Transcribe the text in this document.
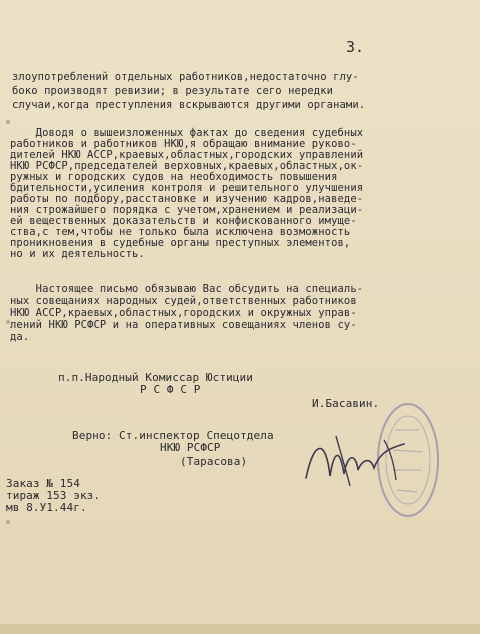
3.
злоупотреблений отдельных работников,недостаточно глу-
боко производят ревизии; в результате сего нередки
случаи,когда преступления вскрываются другими органами.
Доводя о вышеизложенных фактах до сведения судебных
работников и работников НКЮ,я обращаю внимание руково-
дителей НКЮ АССР,краевых,областных,городских управлений
НКЮ РСФСР,председателей верховных,краевых,областных,ок-
ружных и городских судов на необходимость повышения
бдительности,усиления контроля и решительного улучшения
работы по подбору,расстановке и изучению кадров,наведе-
ния строжайшего порядка с учетом,хранением и реализаци-
ей вещественных доказательств и конфискованного имуще-
ства,с тем,чтобы не только была исключена возможность
проникновения в судебные органы преступных элементов,
но и их деятельность.
Настоящее письмо обязываю Вас обсудить на специаль-
ных совещаниях народных судей,ответственных работников
НКЮ АССР,краевых,областных,городских и окружных управ-
лений НКЮ РСФСР и на оперативных совещаниях членов су-
да.
п.п.Народный Комиссар Юстиции
Р С Ф С Р
И.Басавин.
Верно: Ст.инспектор Спецотдела
НКЮ РСФСР
(Тарасова)
Заказ № 154
тираж 153 экз.
мв 8.У1.44г.
